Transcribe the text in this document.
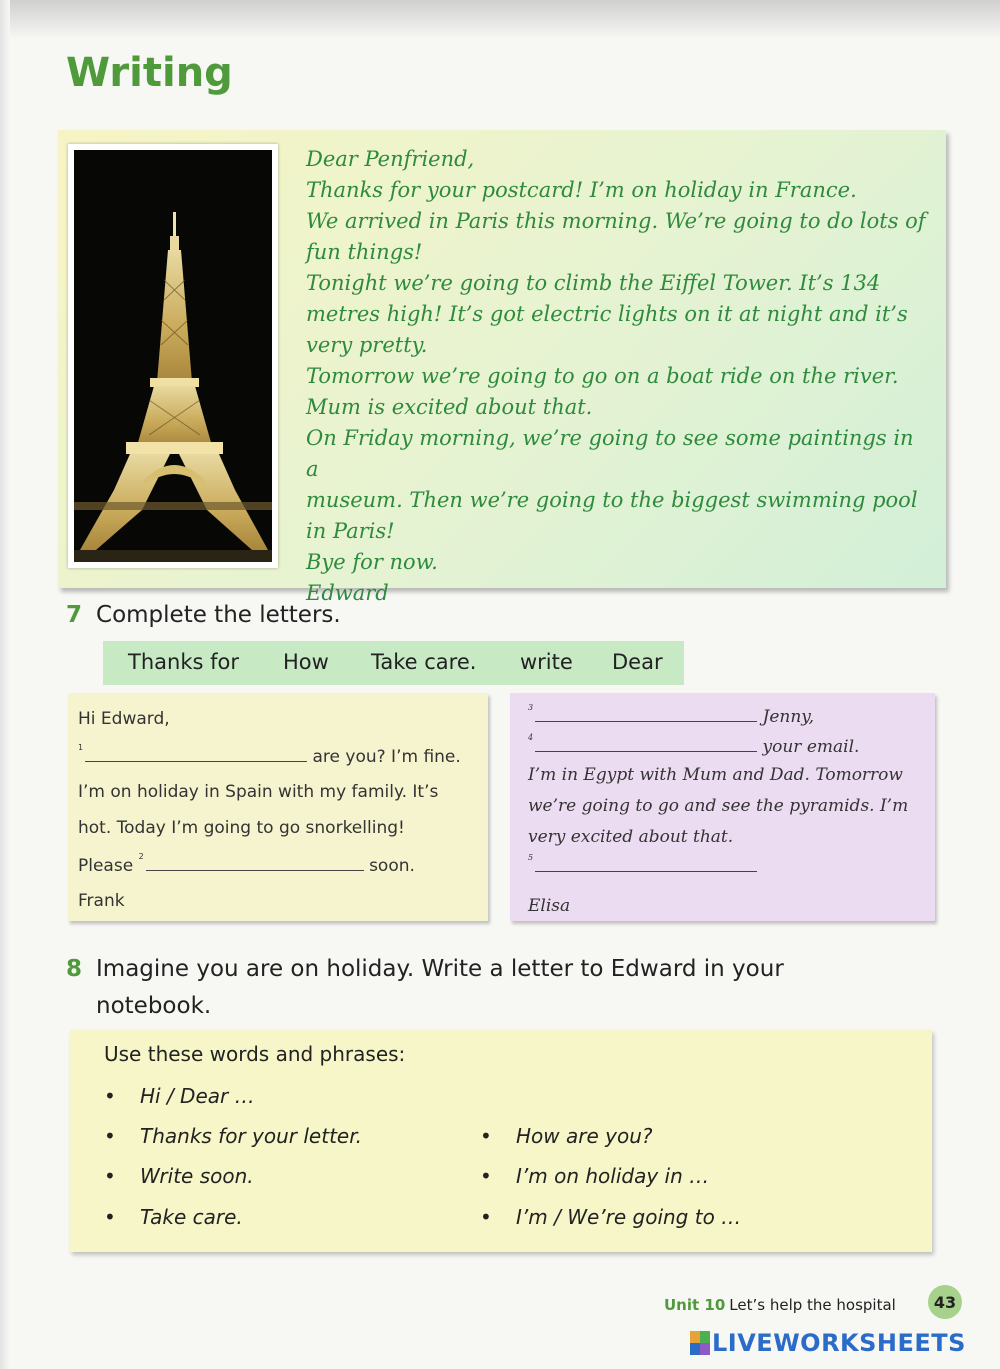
Writing

Dear Penfriend,

Thanks for your postcard! I’m on holiday in France.

We arrived in Paris this morning. We’re going to do lots of

fun things!

Tonight we’re going to climb the Eiffel Tower. It’s 134

metres high! It’s got electric lights on it at night and it’s

very pretty.

Tomorrow we’re going to go on a boat ride on the river.

Mum is excited about that.

On Friday morning, we’re going to see some paintings in a

museum. Then we’re going to the biggest swimming pool

in Paris!

Bye for now.

Edward

7 Complete the letters.
Thanks for How Take care. write Dear
Hi Edward,
$^1$	are you? I’m fine.
I’m on holiday in Spain with my family. It’s
hot. Today I’m going to go snorkelling!
Please $^2$	soon.
Frank
$^3$	Jenny,
$^4$	your email.
I’m in Egypt with Mum and Dad. Tomorrow
we’re going to go and see the pyramids. I’m
very excited about that.
$^5$
Elisa
8 Imagine you are on holiday. Write a letter to Edward in your
notebook.
Use these words and phrases:
• Hi / Dear …
• Thanks for your letter.
• Write soon.
• Take care.
• How are you?
• I’m on holiday in …
• I’m / We’re going to …
Unit 10 Let’s help the hospital	43
LIVEWORKSHEETS
